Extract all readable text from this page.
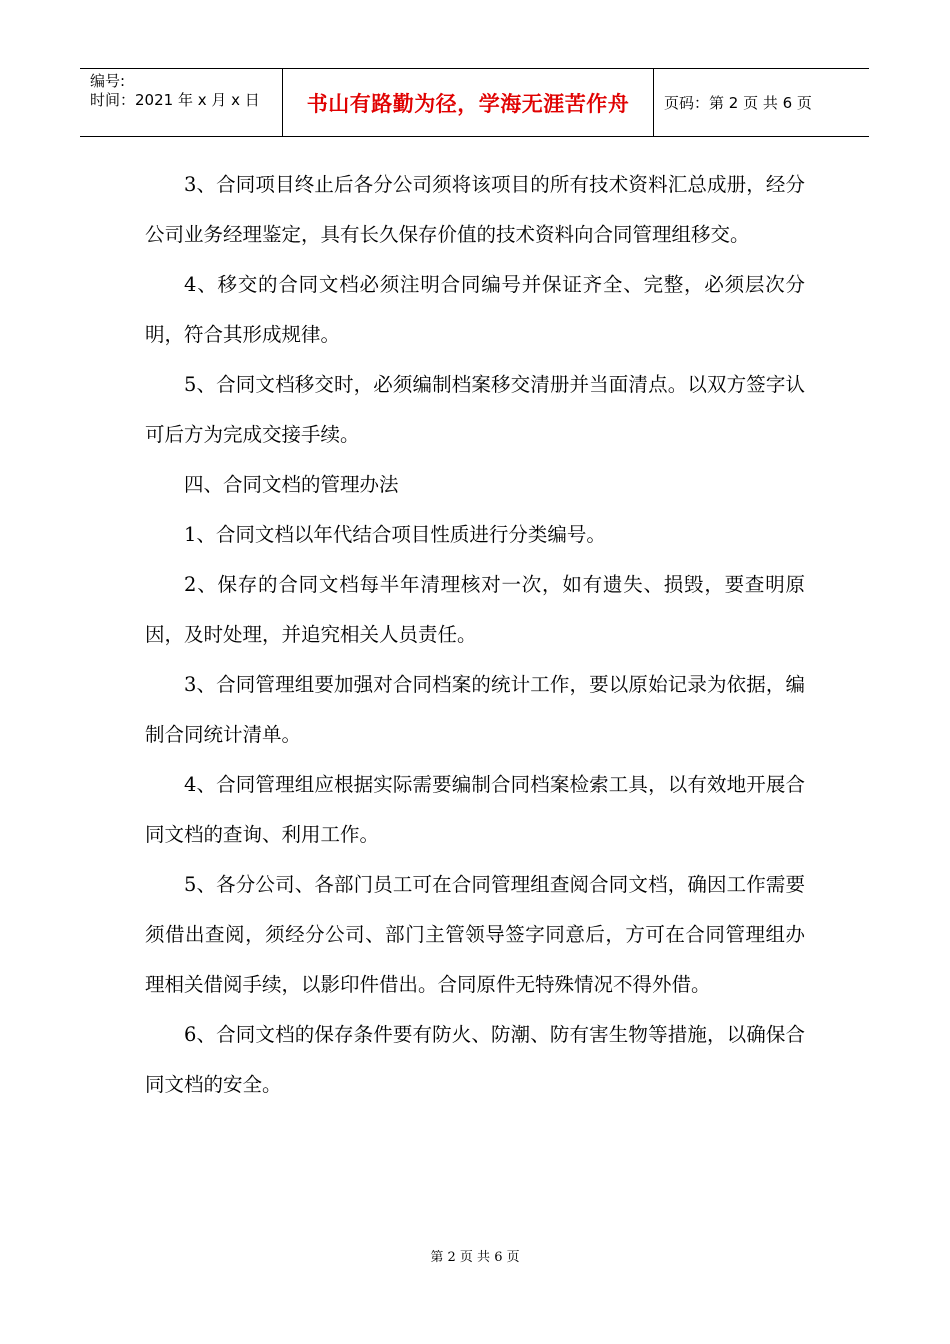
编号:
时间：2021 年 x 月 x 日	书山有路勤为径，学海无涯苦作舟 页码：第 2 页 共 6 页

3、合同项目终止后各分公司须将该项目的所有技术资料汇总成册，经分公司业务经理鉴定，具有长久保存价值的技术资料向合同管理组移交。

4、移交的合同文档必须注明合同编号并保证齐全、完整，必须层次分明，符合其形成规律。

5、合同文档移交时，必须编制档案移交清册并当面清点。以双方签字认可后方为完成交接手续。

四、合同文档的管理办法

1、合同文档以年代结合项目性质进行分类编号。

2、保存的合同文档每半年清理核对一次，如有遗失、损毁，要查明原因，及时处理，并追究相关人员责任。

3、合同管理组要加强对合同档案的统计工作，要以原始记录为依据，编制合同统计清单。

4、合同管理组应根据实际需要编制合同档案检索工具，以有效地开展合同文档的查询、利用工作。

5、各分公司、各部门员工可在合同管理组查阅合同文档，确因工作需要须借出查阅，须经分公司、部门主管领导签字同意后，方可在合同管理组办理相关借阅手续，以影印件借出。合同原件无特殊情况不得外借。

6、合同文档的保存条件要有防火、防潮、防有害生物等措施，以确保合同文档的安全。

第 2 页 共 6 页
